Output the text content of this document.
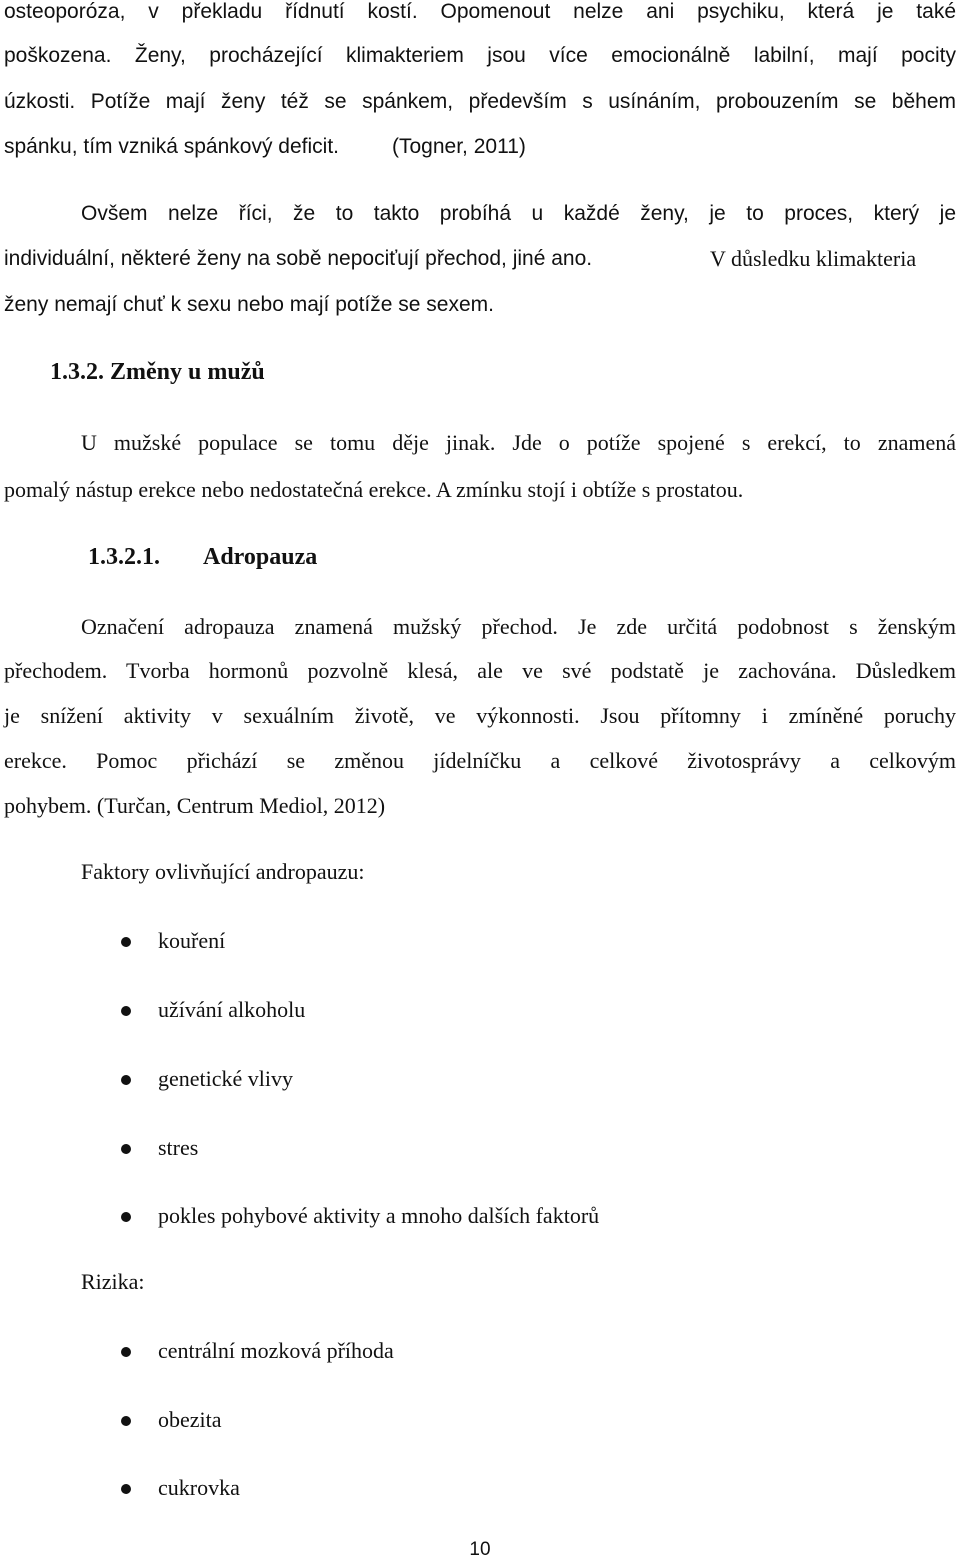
osteoporóza, v překladu řídnutí kostí. Opomenout nelze ani psychiku, která je také
poškozena. Ženy, procházející klimakteriem jsou více emocionálně labilní, mají pocity
úzkosti. Potíže mají ženy též se spánkem, především s usínáním, probouzením se během
spánku, tím vzniká spánkový deficit.	(Togner, 2011)
Ovšem nelze říci, že to takto probíhá u každé ženy, je to proces, který je
individuální, některé ženy na sobě nepociťují přechod, jiné ano.	V důsledku klimakteria
ženy nemají chuť k sexu nebo mají potíže se sexem.
1.3.2. Změny u mužů
U mužské populace se tomu děje jinak. Jde o potíže spojené s erekcí, to znamená
pomalý nástup erekce nebo nedostatečná erekce. A zmínku stojí i obtíže s prostatou.
1.3.2.1. Adropauza
Označení adropauza znamená mužský přechod. Je zde určitá podobnost s ženským
přechodem. Tvorba hormonů pozvolně klesá, ale ve své podstatě je zachována. Důsledkem
je snížení aktivity v sexuálním životě, ve výkonnosti. Jsou přítomny i zmíněné poruchy
erekce. Pomoc přichází se změnou jídelníčku a celkové životosprávy a celkovým
pohybem. (Turčan, Centrum Mediol, 2012)
Faktory ovlivňující andropauzu:
kouření
užívání alkoholu
genetické vlivy
stres
pokles pohybové aktivity a mnoho dalších faktorů
Rizika:
centrální mozková příhoda
obezita
cukrovka
10
